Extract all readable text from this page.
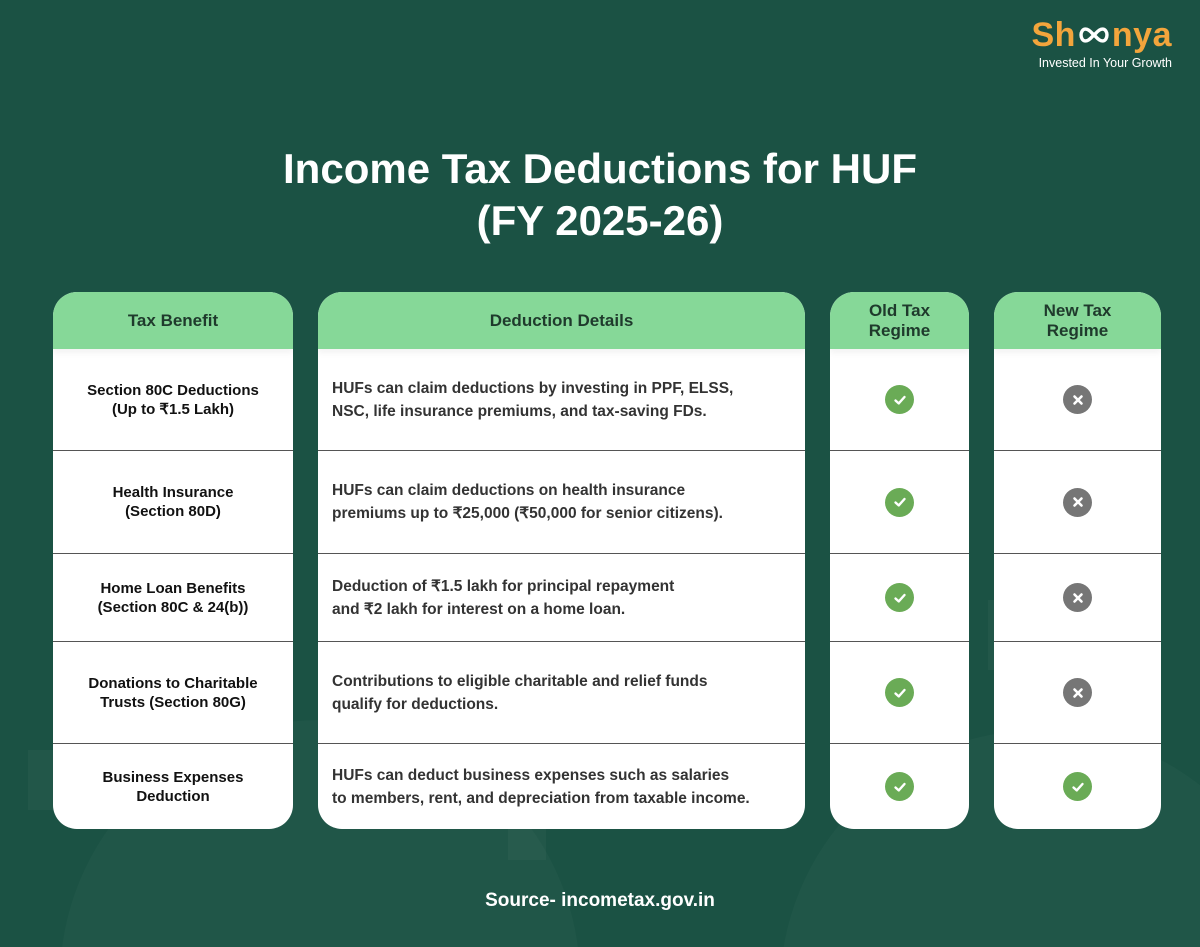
Sh nya
Invested In Your Growth
Income Tax Deductions for HUF
(FY 2025-26)
Tax Benefit
Section 80C Deductions
(Up to ₹1.5 Lakh)
Health Insurance
(Section 80D)
Home Loan Benefits
(Section 80C & 24(b))
Donations to Charitable
Trusts (Section 80G)
Business Expenses
Deduction
Deduction Details
HUFs can claim deductions by investing in PPF, ELSS,
NSC, life insurance premiums, and tax-saving FDs.
HUFs can claim deductions on health insurance
premiums up to ₹25,000 (₹50,000 for senior citizens).
Deduction of ₹1.5 lakh for principal repayment
and ₹2 lakh for interest on a home loan.
Contributions to eligible charitable and relief funds
qualify for deductions.
HUFs can deduct business expenses such as salaries
to members, rent, and depreciation from taxable income.
Old Tax Regime
New Tax Regime
Source- incometax.gov.in
